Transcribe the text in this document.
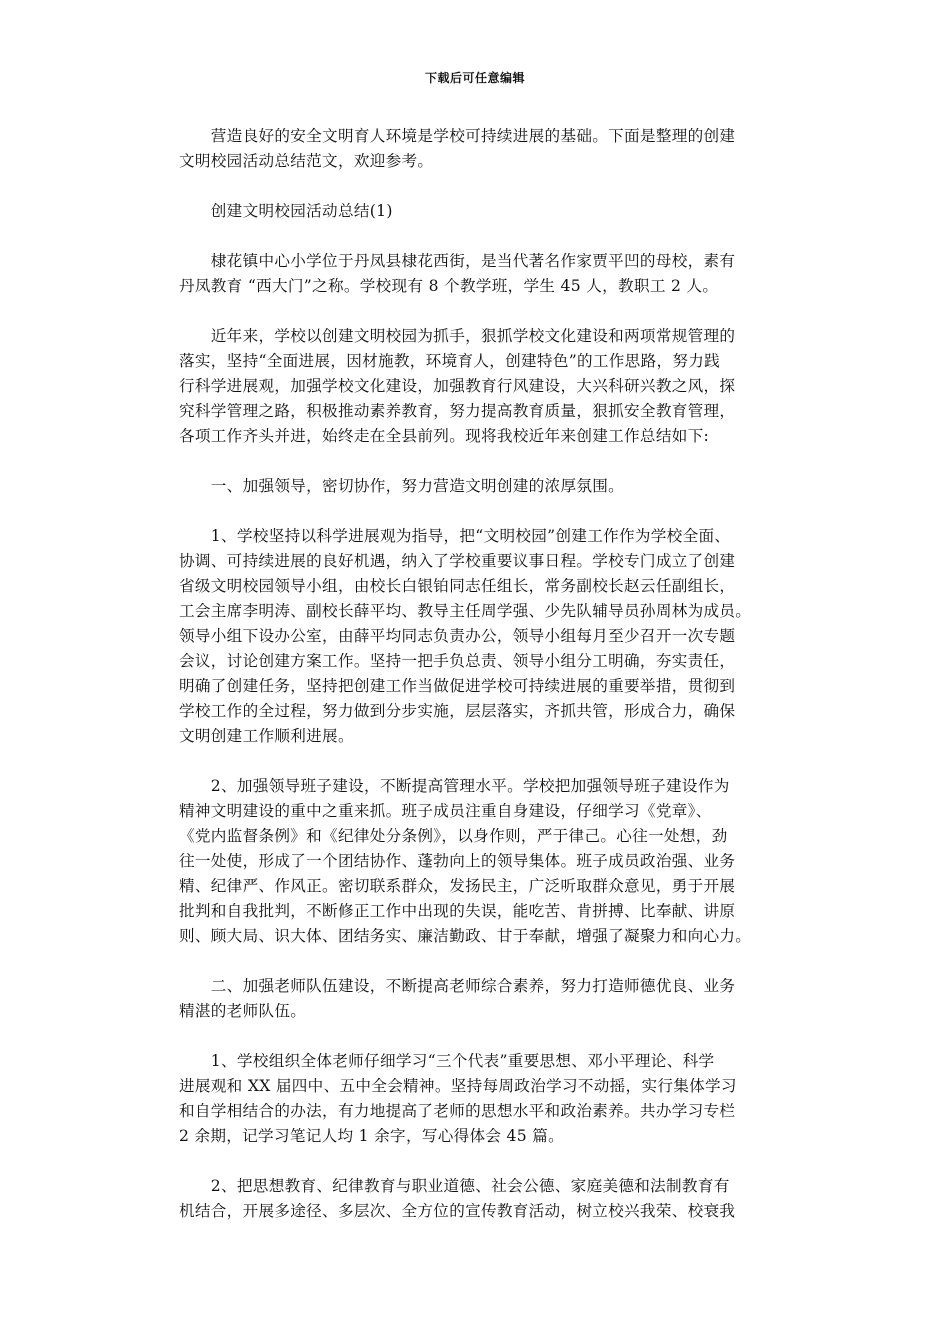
下载后可任意编辑

　　营造良好的安全文明育人环境是学校可持续进展的基础。下面是整理的创建
文明校园活动总结范文，欢迎参考。

　　创建文明校园活动总结(1)

　　棣花镇中心小学位于丹凤县棣花西街，是当代著名作家贾平凹的母校，素有
丹凤教育 “西大门”之称。学校现有 8 个教学班，学生 45 人，教职工 2 人。

　　近年来，学校以创建文明校园为抓手，狠抓学校文化建设和两项常规管理的
落实，坚持“全面进展，因材施教，环境育人，创建特色”的工作思路，努力践
行科学进展观，加强学校文化建设，加强教育行风建设，大兴科研兴教之风，探
究科学管理之路，积极推动素养教育，努力提高教育质量，狠抓安全教育管理，
各项工作齐头并进，始终走在全县前列。现将我校近年来创建工作总结如下:

　　一、加强领导，密切协作，努力营造文明创建的浓厚氛围。

　　1、学校坚持以科学进展观为指导，把“文明校园”创建工作作为学校全面、
协调、可持续进展的良好机遇，纳入了学校重要议事日程。学校专门成立了创建
省级文明校园领导小组，由校长白银铂同志任组长，常务副校长赵云任副组长，
工会主席李明涛、副校长薛平均、教导主任周学强、少先队辅导员孙周林为成员。
领导小组下设办公室，由薛平均同志负责办公，领导小组每月至少召开一次专题
会议，讨论创建方案工作。坚持一把手负总责、领导小组分工明确，夯实责任，
明确了创建任务，坚持把创建工作当做促进学校可持续进展的重要举措，贯彻到
学校工作的全过程，努力做到分步实施，层层落实，齐抓共管，形成合力，确保
文明创建工作顺利进展。

　　2、加强领导班子建设，不断提高管理水平。学校把加强领导班子建设作为
精神文明建设的重中之重来抓。班子成员注重自身建设，仔细学习《党章》、
《党内监督条例》和《纪律处分条例》，以身作则，严于律己。心往一处想，劲
往一处使，形成了一个团结协作、蓬勃向上的领导集体。班子成员政治强、业务
精、纪律严、作风正。密切联系群众，发扬民主，广泛听取群众意见，勇于开展
批判和自我批判，不断修正工作中出现的失误，能吃苦、肯拼搏、比奉献、讲原
则、顾大局、识大体、团结务实、廉洁勤政、甘于奉献，增强了凝聚力和向心力。

　　二、加强老师队伍建设，不断提高老师综合素养，努力打造师德优良、业务
精湛的老师队伍。

　　1、学校组织全体老师仔细学习“三个代表”重要思想、邓小平理论、科学
进展观和 XX 届四中、五中全会精神。坚持每周政治学习不动摇，实行集体学习
和自学相结合的办法，有力地提高了老师的思想水平和政治素养。共办学习专栏
2 余期，记学习笔记人均 1 余字，写心得体会 45 篇。

　　2、把思想教育、纪律教育与职业道德、社会公德、家庭美德和法制教育有
机结合，开展多途径、多层次、全方位的宣传教育活动，树立校兴我荣、校衰我
